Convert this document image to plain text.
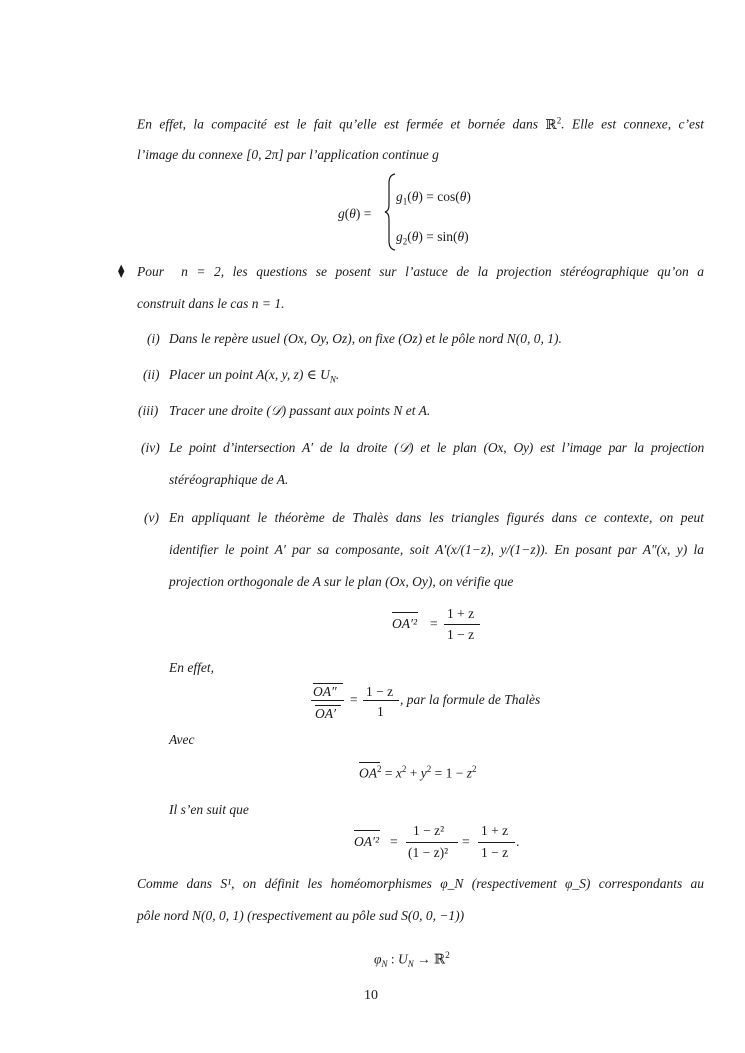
En effet, la compacité est le fait qu’elle est fermée et bornée dans ℝ$^2$. Elle est connexe, c’est
l’image du connexe [0, 2π] par l’application continue g
g(θ) =
$g_1(\theta) = \cos(\theta)$
$g_2(\theta) = \sin(\theta)$
⧫ Pour  n = 2, les questions se posent sur l’astuce de la projection stéréographique qu’on a
construit dans le cas n = 1.
(i) Dans le repère usuel (Ox, Oy, Oz), on fixe (Oz) et le pôle nord N(0, 0, 1).
(ii) Placer un point A(x, y, z) ∈ $U_N$.
(iii) Tracer une droite (𝒟) passant aux points N et A.
(iv) Le point d’intersection A′ de la droite (𝒟) et le plan (Ox, Oy) est l’image par la projection
stéréographique de A.
(v) En appliquant le théorème de Thalès dans les triangles figurés dans ce contexte, on peut
identifier le point A′ par sa composante, soit A′(x/(1−z), y/(1−z)). En posant par A″(x, y) la
projection orthogonale de A sur le plan (Ox, Oy), on vérifie que
OA′² =
1 + z
1 − z
En effet,
OA″
OA′
=
1 − z
1
, par la formule de Thalès
Avec
$OA^2 = x^2 + y^2 = 1 - z^2$
Il s’en suit que
OA′² =
1 − z²
(1 − z)²
=
1 + z
1 − z
.
Comme dans S¹, on définit les homéomorphismes φ_N (respectivement φ_S) correspondants au
pôle nord N(0, 0, 1) (respectivement au pôle sud S(0, 0, −1))
$\varphi_N$ : $U_N$ → ℝ$^2$
10
